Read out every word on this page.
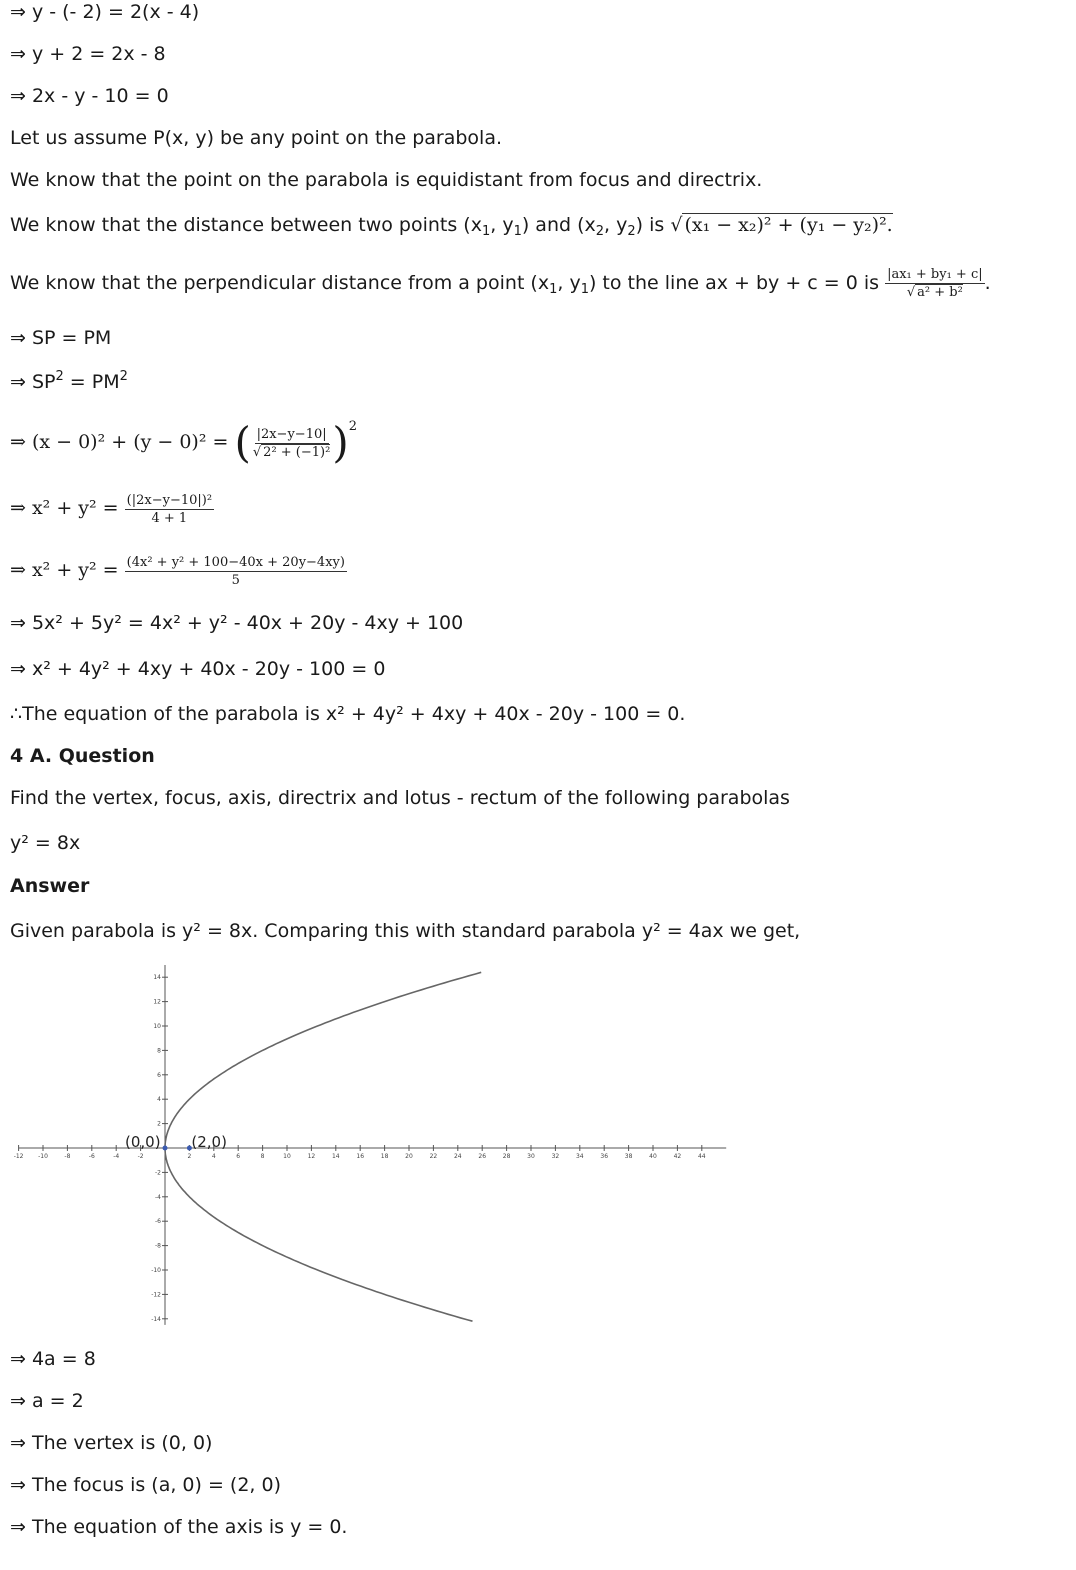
⇒ y - (- 2) = 2(x - 4)
⇒ y + 2 = 2x - 8
⇒ 2x - y - 10 = 0
Let us assume P(x, y) be any point on the parabola.
We know that the point on the parabola is equidistant from focus and directrix.
We know that the distance between two points ($x_1$, $y_1$) and ($x_2$, $y_2$) is √ (x₁ − x₂)² + (y₁ − y₂)².
We know that the perpendicular distance from a point ($x_1$, $y_1$) to the line ax + by + c = 0 is $\frac{\text{|ax₁ + by₁ + c|}}{\text{√ a² + b²}}$ .
⇒ SP = PM
⇒ $SP^2 = PM^2$
⇒ (x − 0)² + (y − 0)² = ( $\frac{|2x-y-10|}{\text{√ 2² + (−1)²}} )^2$
⇒ $x^2 + y^2 = \frac{\text{(|2x−y−10|)²}}{4 + 1}$
⇒ $x^2 + y^2 = \frac{\text{(4x² + y² + 100−40x + 20y−4xy)}}{5}$
⇒ 5x² + 5y² = 4x² + y² - 40x + 20y - 4xy + 100
⇒ x² + 4y² + 4xy + 40x - 20y - 100 = 0
∴The equation of the parabola is x² + 4y² + 4xy + 40x - 20y - 100 = 0.
4 A. Question
Find the vertex, focus, axis, directrix and lotus - rectum of the following parabolas
y² = 8x
Answer
Given parabola is y² = 8x. Comparing this with standard parabola y² = 4ax we get,
-12 -10	-8	-6	-4	-2	2	4	6	8	10	12	14	16	18	20	22	24	26	28	30	32	34	36	38	40	42	44
-14
-12
-10
-8
-6
-4
-2
2
4
6
8
10
12
14
(0,0) (2,0)
⇒ 4a = 8
⇒ a = 2
⇒ The vertex is (0, 0)
⇒ The focus is (a, 0) = (2, 0)
⇒ The equation of the axis is y = 0.
